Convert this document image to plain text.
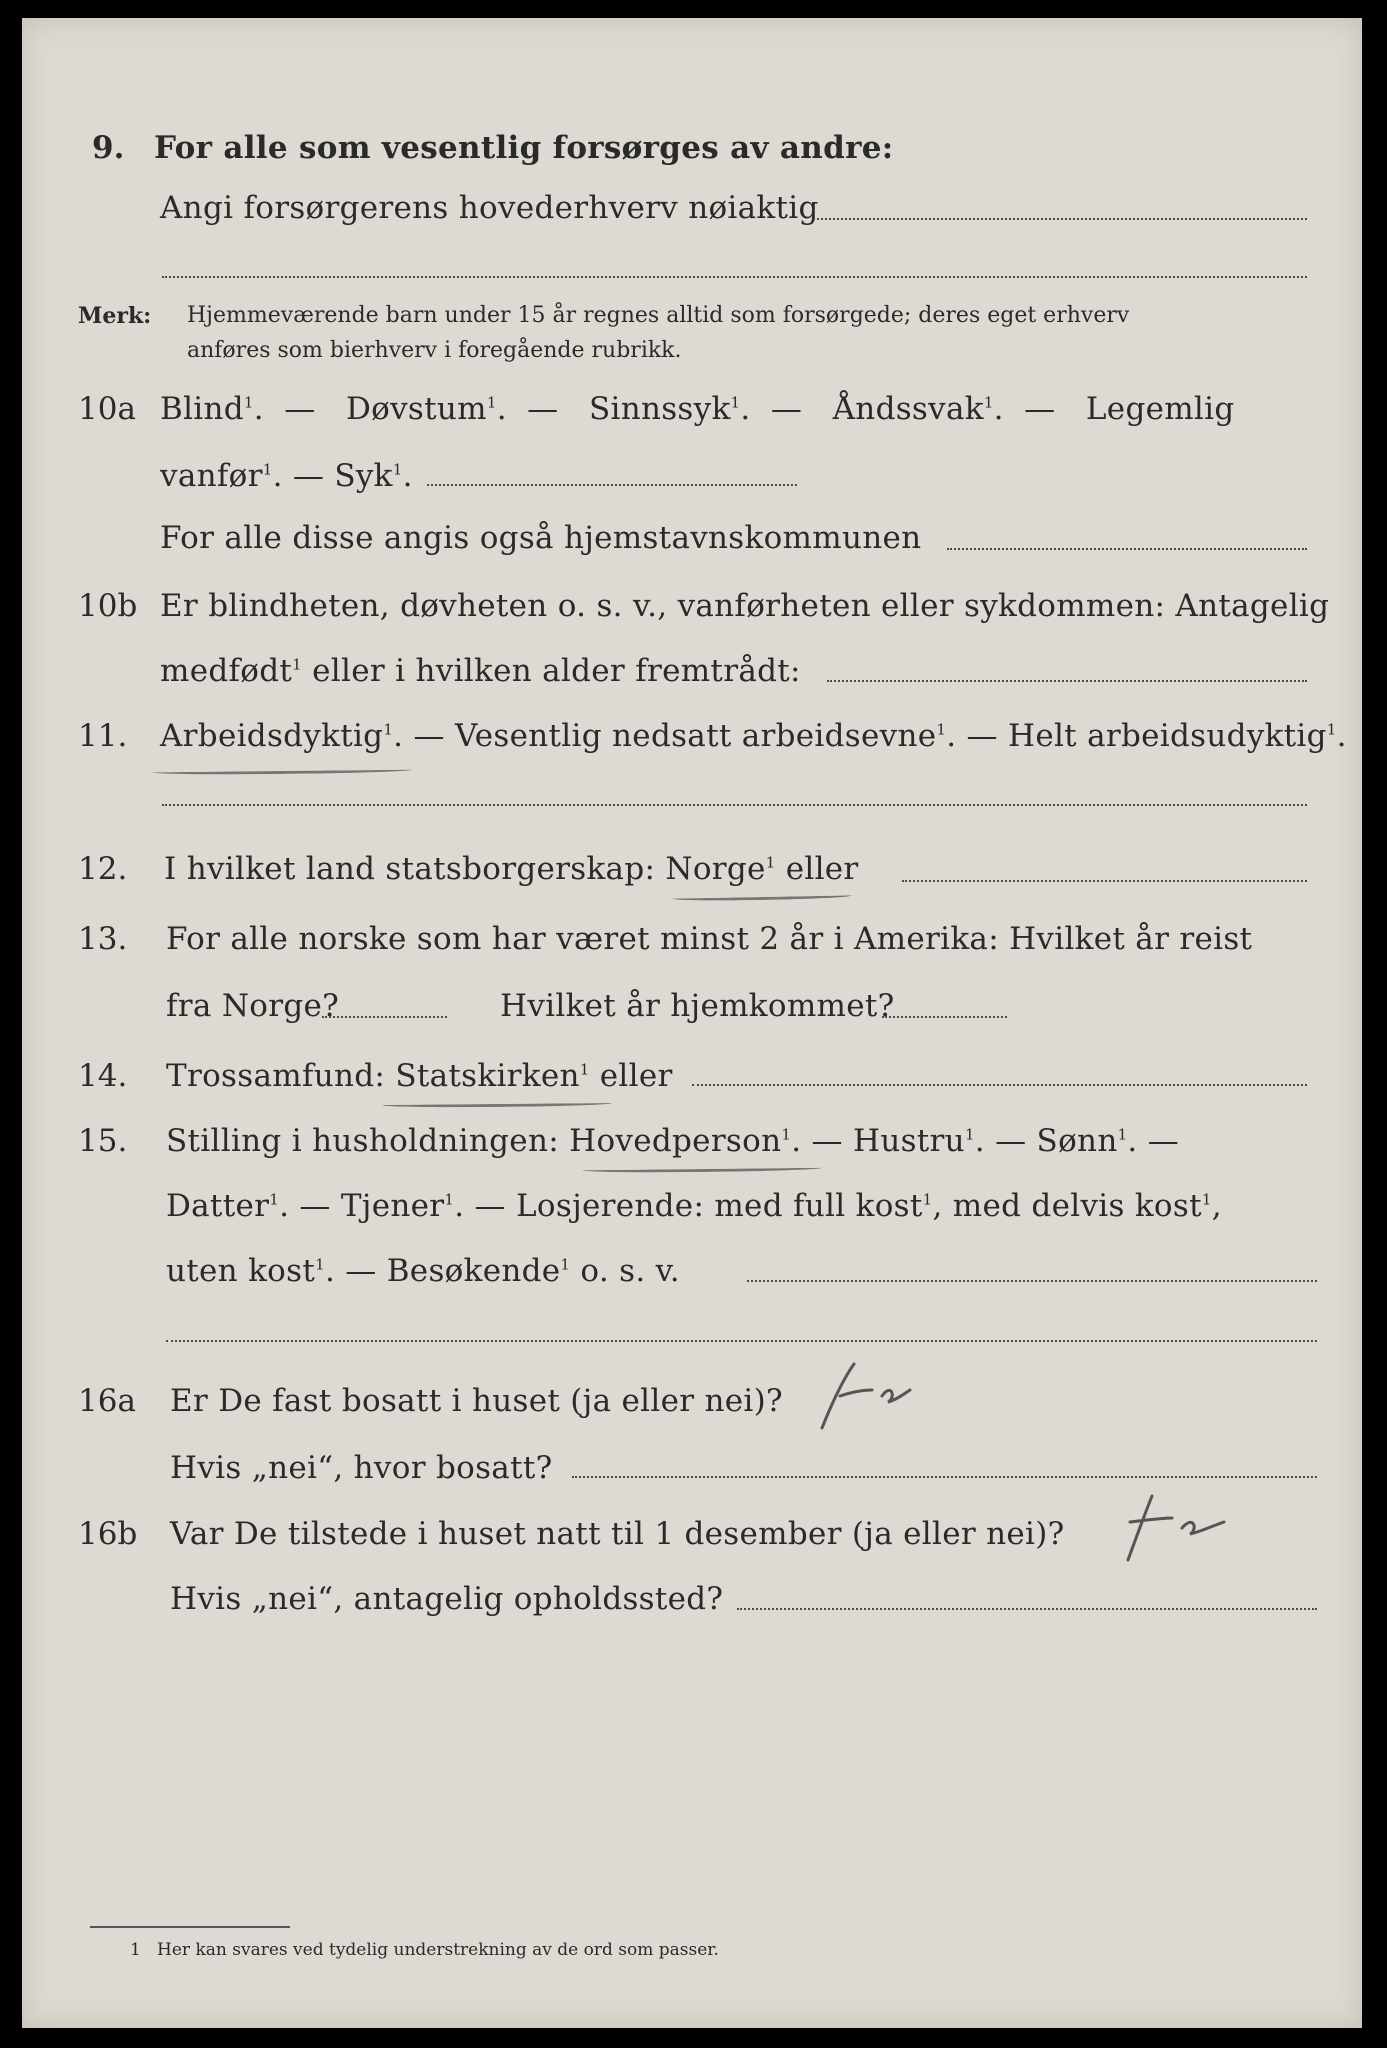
9. For alle som vesentlig forsørges av andre:
Angi forsørgerens hovederhverv nøiaktig
Merk: Hjemmeværende barn under 15 år regnes alltid som forsørgede; deres eget erhverv
anføres som bierhverv i foregående rubrikk.
10a Blind$^1$.  —   Døvstum$^1$.  —   Sinnssyk$^1$.  —   Åndssvak$^1$.  —   Legemlig
vanfør$^1$. — Syk$^1$.
For alle disse angis også hjemstavnskommunen
10b Er blindheten, døvheten o. s. v., vanførheten eller sykdommen: Antagelig
medfødt$^1$ eller i hvilken alder fremtrådt:
11. Arbeidsdyktig$^1$. — Vesentlig nedsatt arbeidsevne$^1$. — Helt arbeidsudyktig$^1$.
12. I hvilket land statsborgerskap: Norge$^1$ eller
13. For alle norske som har været minst 2 år i Amerika: Hvilket år reist
fra Norge?	Hvilket år hjemkommet?
14. Trossamfund: Statskirken$^1$ eller
15. Stilling i husholdningen: Hovedperson$^1$. — Hustru$^1$. — Sønn$^1$. —
Datter$^1$. — Tjener$^1$. — Losjerende: med full kost$^1$, med delvis kost$^1$,
uten kost$^1$. — Besøkende$^1$ o. s. v.
16a Er De fast bosatt i huset (ja eller nei)?
Hvis „nei“, hvor bosatt?
16b Var De tilstede i huset natt til 1 desember (ja eller nei)?
Hvis „nei“, antagelig opholdssted?
1 Her kan svares ved tydelig understrekning av de ord som passer.
